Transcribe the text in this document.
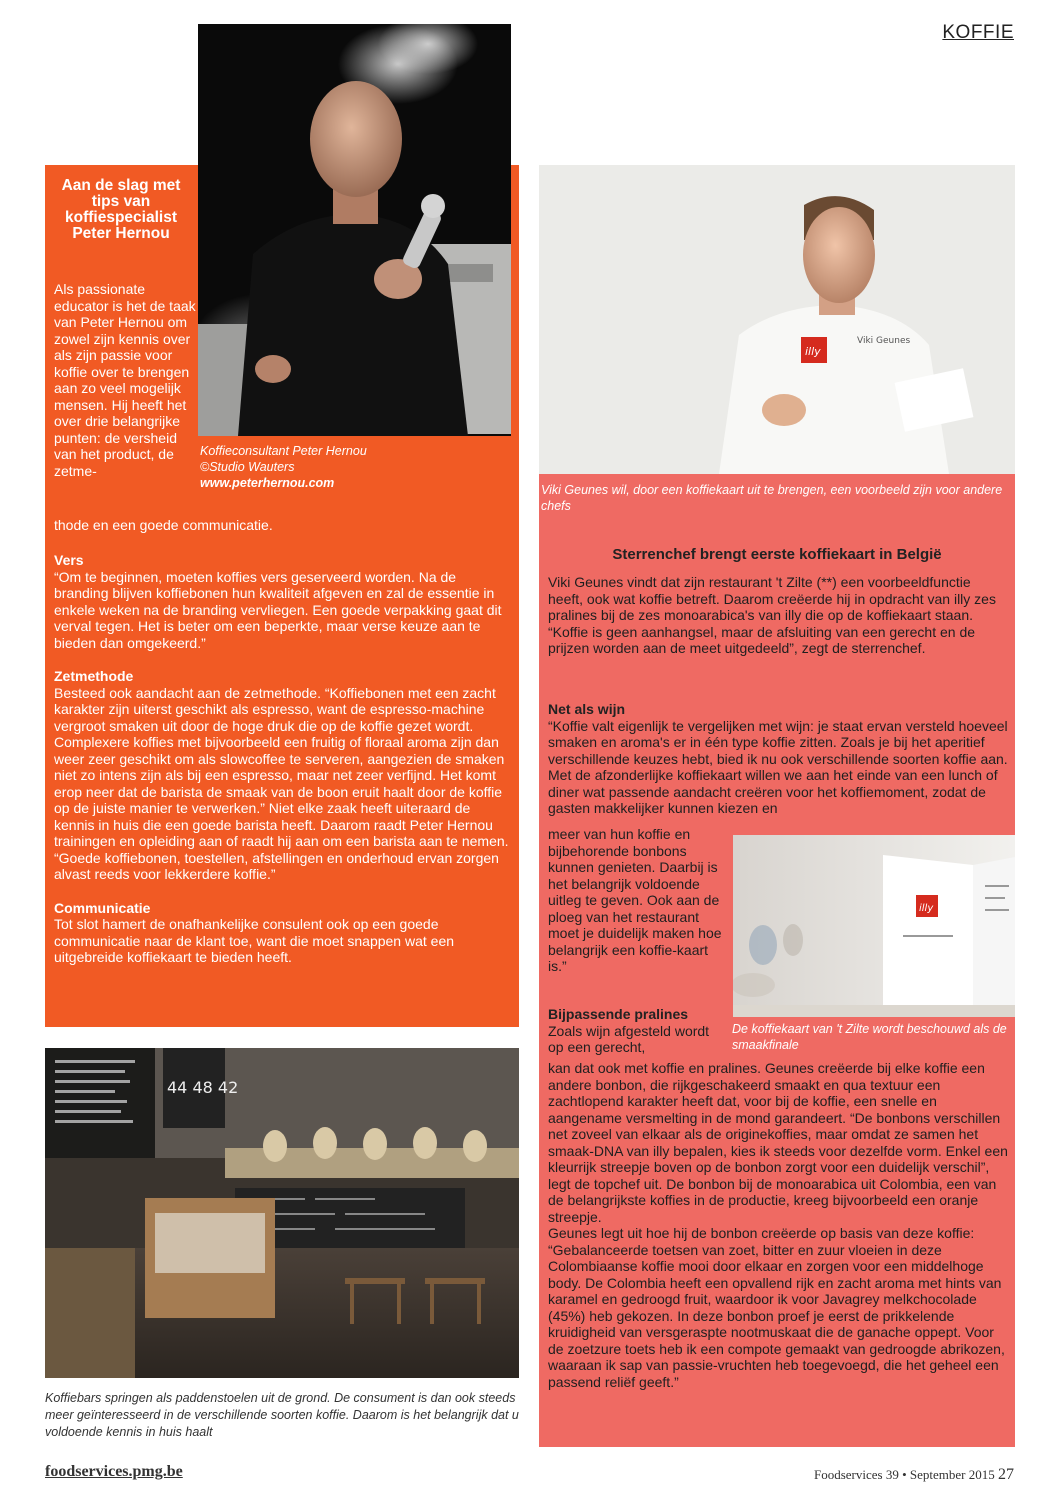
KOFFIE
Aan de slag met tips van koffiespecialist Peter Hernou

Als passionate educator is het de taak van Peter Hernou om zowel zijn kennis over als zijn passie voor koffie over te brengen aan zo veel mogelijk mensen. Hij heeft het over drie belangrijke punten: de versheid van het product, de zetme-

thode en een goede communicatie.

Vers

“Om te beginnen, moeten koffies vers geserveerd worden. Na de branding blijven koffiebonen hun kwaliteit afgeven en zal de essentie in enkele weken na de branding vervliegen. Een goede verpakking gaat dit verval tegen. Het is beter om een beperkte, maar verse keuze aan te bieden dan omgekeerd.”

Zetmethode

Besteed ook aandacht aan de zetmethode. “Koffiebonen met een zacht karakter zijn uiterst geschikt als espresso, want de espresso-machine vergroot smaken uit door de hoge druk die op de koffie gezet wordt. Complexere koffies met bijvoorbeeld een fruitig of floraal aroma zijn dan weer zeer geschikt om als slowcoffee te serveren, aangezien de smaken niet zo intens zijn als bij een espresso, maar net zeer verfijnd. Het komt erop neer dat de barista de smaak van de boon eruit haalt door de koffie op de juiste manier te verwerken.” Niet elke zaak heeft uiteraard de kennis in huis die een goede barista heeft. Daarom raadt Peter Hernou trainingen en opleiding aan of raadt hij aan om een barista aan te nemen. “Goede koffiebonen, toestellen, afstellingen en onderhoud ervan zorgen alvast reeds voor lekkerdere koffie.”

Communicatie

Tot slot hamert de onafhankelijke consulent ook op een goede communicatie naar de klant toe, want die moet snappen wat een uitgebreide koffiekaart te bieden heeft.

Koffieconsultant Peter Hernou
©Studio Wauters
www.peterhernou.com
44 48 42
Koffiebars springen als paddenstoelen uit de grond. De consument is dan ook steeds meer geïnteresseerd in de verschillende soorten koffie. Daarom is het belangrijk dat u voldoende kennis in huis haalt
illy
Viki Geunes
Viki Geunes wil, door een koffiekaart uit te brengen, een voorbeeld zijn voor andere chefs
Sterrenchef brengt eerste koffiekaart in België

Viki Geunes vindt dat zijn restaurant 't Zilte (**) een voorbeeldfunctie heeft, ook wat koffie betreft. Daarom creëerde hij in opdracht van illy zes pralines bij de zes monoarabica's van illy die op de koffiekaart staan. “Koffie is geen aanhangsel, maar de afsluiting van een gerecht en de prijzen worden aan de meet uitgedeeld”, zegt de sterrenchef.

Net als wijn

“Koffie valt eigenlijk te vergelijken met wijn: je staat ervan versteld hoeveel smaken en aroma's er in één type koffie zitten. Zoals je bij het aperitief verschillende keuzes hebt, bied ik nu ook verschillende soorten koffie aan. Met de afzonderlijke koffiekaart willen we aan het einde van een lunch of diner wat passende aandacht creëren voor het koffiemoment, zodat de gasten makkelijker kunnen kiezen en

meer van hun koffie en bijbehorende bonbons kunnen genieten. Daarbij is het belangrijk voldoende uitleg te geven. Ook aan de ploeg van het restaurant moet je duidelijk maken hoe belangrijk een koffie-kaart is.”

Bijpassende pralines

Zoals wijn afgesteld wordt op een gerecht,

kan dat ook met koffie en pralines. Geunes creëerde bij elke koffie een andere bonbon, die rijkgeschakeerd smaakt en qua textuur een zachtlopend karakter heeft dat, voor bij de koffie, een snelle en aangename versmelting in de mond garandeert. “De bonbons verschillen net zoveel van elkaar als de originekoffies, maar omdat ze samen het smaak-DNA van illy bepalen, kies ik steeds voor dezelfde vorm. Enkel een kleurrijk streepje boven op de bonbon zorgt voor een duidelijk verschil”, legt de topchef uit. De bonbon bij de monoarabica uit Colombia, een van de belangrijkste koffies in de productie, kreeg bijvoorbeeld een oranje streepje.

Geunes legt uit hoe hij de bonbon creëerde op basis van deze koffie: “Gebalanceerde toetsen van zoet, bitter en zuur vloeien in deze Colombiaanse koffie mooi door elkaar en zorgen voor een middelhoge body. De Colombia heeft een opvallend rijk en zacht aroma met hints van karamel en gedroogd fruit, waardoor ik voor Javagrey melkchocolade (45%) heb gekozen. In deze bonbon proef je eerst de prikkelende kruidigheid van versgeraspte nootmuskaat die de ganache oppept. Voor de zoetzure toets heb ik een compote gemaakt van gedroogde abrikozen, waaraan ik sap van passie-vruchten heb toegevoegd, die het geheel een passend reliëf geeft.”

illy
De koffiekaart van 't Zilte wordt beschouwd als de smaakfinale
foodservices.pmg.be	Foodservices 39 • September 2015 27
